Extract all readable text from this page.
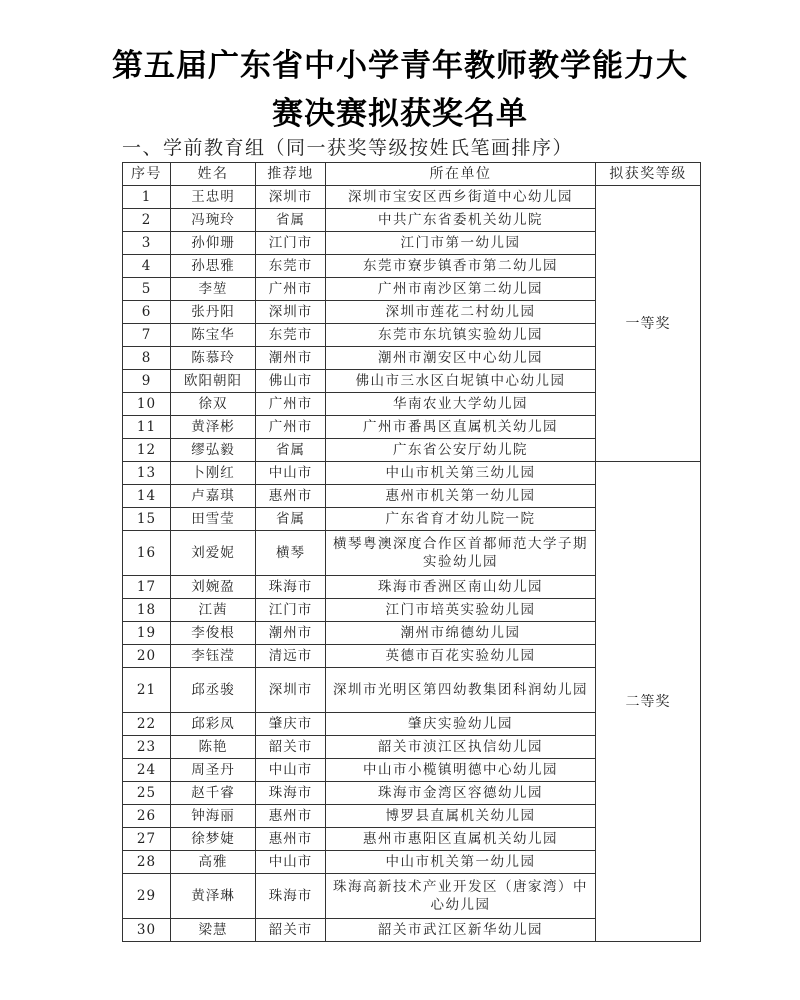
第五届广东省中小学青年教师教学能力大
赛决赛拟获奖名单
一、学前教育组（同一获奖等级按姓氏笔画排序）
序号	姓名	推荐地	所在单位	拟获奖等级
1	王忠明	深圳市	深圳市宝安区西乡街道中心幼儿园	一等奖
2	冯琬玲	省属	中共广东省委机关幼儿院	
3	孙仰珊	江门市	江门市第一幼儿园	
4	孙思雅	东莞市	东莞市寮步镇香市第二幼儿园	
5	李堃	广州市	广州市南沙区第二幼儿园	
6	张丹阳	深圳市	深圳市莲花二村幼儿园	
7	陈宝华	东莞市	东莞市东坑镇实验幼儿园	
8	陈慕玲	潮州市	潮州市潮安区中心幼儿园	
9	欧阳朝阳	佛山市	佛山市三水区白坭镇中心幼儿园	
10	徐双	广州市	华南农业大学幼儿园	
11	黄泽彬	广州市	广州市番禺区直属机关幼儿园	
12	缪弘毅	省属	广东省公安厅幼儿院	
13	卜刚红	中山市	中山市机关第三幼儿园	二等奖
14	卢嘉琪	惠州市	惠州市机关第一幼儿园	
15	田雪莹	省属	广东省育才幼儿院一院	
16	刘爱妮	横琴	横琴粤澳深度合作区首都师范大学子期实验幼儿园	
17	刘婉盈	珠海市	珠海市香洲区南山幼儿园	
18	江茜	江门市	江门市培英实验幼儿园	
19	李俊根	潮州市	潮州市绵德幼儿园	
20	李钰滢	清远市	英德市百花实验幼儿园	
21	邱丞骏	深圳市	深圳市光明区第四幼教集团科润幼儿园	
22	邱彩凤	肇庆市	肇庆实验幼儿园	
23	陈艳	韶关市	韶关市浈江区执信幼儿园	
24	周圣丹	中山市	中山市小榄镇明德中心幼儿园	
25	赵千睿	珠海市	珠海市金湾区容德幼儿园	
26	钟海丽	惠州市	博罗县直属机关幼儿园	
27	徐梦婕	惠州市	惠州市惠阳区直属机关幼儿园	
28	高雅	中山市	中山市机关第一幼儿园	
29	黄泽琳	珠海市	珠海高新技术产业开发区（唐家湾）中心幼儿园	
30	梁慧	韶关市	韶关市武江区新华幼儿园	
